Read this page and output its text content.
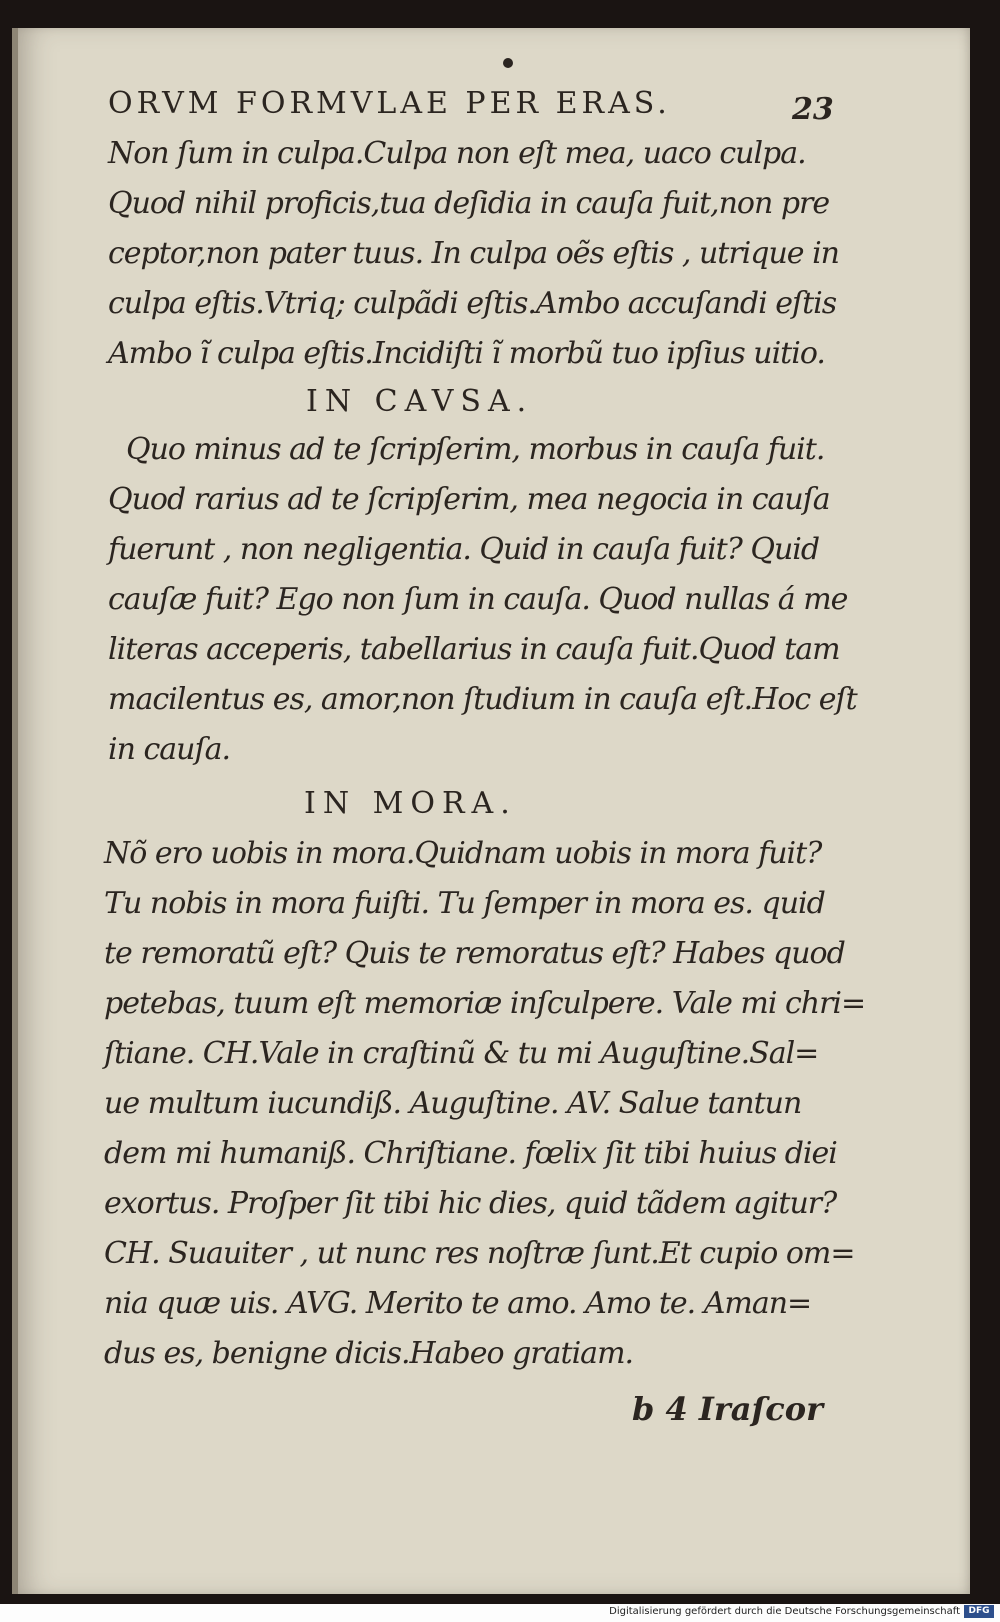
ORVM FORMVLAE PER ERAS.	23
Non ſum in culpa.Culpa non eſt mea, uaco culpa.
Quod nihil proficis,tua deſidia in cauſa fuit,non pre
ceptor,non pater tuus. In culpa oẽs eſtis , utrique in
culpa eſtis.Vtriq; culpãdi eſtis.Ambo accuſandi eſtis
Ambo ĩ culpa eſtis.Incidiſti ĩ morbũ tuo ipſius uitio.
IN CAVSA.
Quo minus ad te ſcripſerim, morbus in cauſa fuit.
Quod rarius ad te ſcripſerim, mea negocia in cauſa
fuerunt , non negligentia. Quid in cauſa fuit? Quid
cauſæ fuit? Ego non ſum in cauſa. Quod nullas á me
literas acceperis, tabellarius in cauſa fuit.Quod tam
macilentus es, amor,non ſtudium in cauſa eſt.Hoc eſt
in cauſa.
IN MORA.
Nõ ero uobis in mora.Quidnam uobis in mora fuit?
Tu nobis in mora fuiſti. Tu ſemper in mora es. quid
te remoratũ eſt? Quis te remoratus eſt? Habes quod
petebas, tuum eſt memoriæ inſculpere. Vale mi chri=
ſtiane. CH.Vale in craſtinũ & tu mi Auguſtine.Sal=
ue multum iucundiß. Auguſtine. AV. Salue tantun
dem mi humaniß. Chriſtiane. fœlix ſit tibi huius diei
exortus. Proſper ſit tibi hic dies, quid tãdem agitur?
CH. Suauiter , ut nunc res noſtræ ſunt.Et cupio om=
nia quæ uis. AVG. Merito te amo. Amo te. Aman=
dus es, benigne dicis.Habeo gratiam.
b 4 Iraſcor
Digitalisierung gefördert durch die Deutsche Forschungsgemeinschaft DFG
